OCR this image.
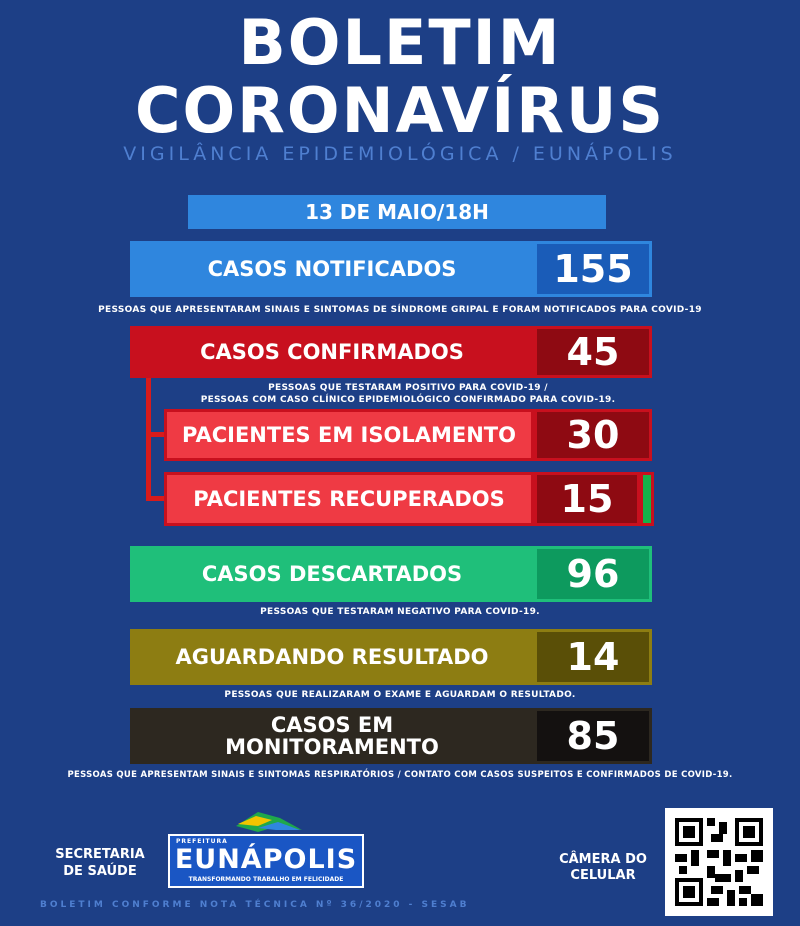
BOLETIM
CORONAVÍRUS
VIGILÂNCIA EPIDEMIOLÓGICA / EUNÁPOLIS
13 DE MAIO/18H
CASOS NOTIFICADOS	155
PESSOAS QUE APRESENTARAM SINAIS E SINTOMAS DE SÍNDROME GRIPAL E FORAM NOTIFICADOS PARA COVID-19
CASOS CONFIRMADOS	45
PESSOAS QUE TESTARAM POSITIVO PARA COVID-19 /
PESSOAS COM CASO CLÍNICO EPIDEMIOLÓGICO CONFIRMADO PARA COVID-19.
PACIENTES EM ISOLAMENTO	30
PACIENTES RECUPERADOS	15
CASOS DESCARTADOS	96
PESSOAS QUE TESTARAM NEGATIVO PARA COVID-19.
AGUARDANDO RESULTADO	14
PESSOAS QUE REALIZARAM O EXAME E AGUARDAM O RESULTADO.
CASOS EM
MONITORAMENTO	85
PESSOAS QUE APRESENTAM SINAIS E SINTOMAS RESPIRATÓRIOS / CONTATO COM CASOS SUSPEITOS E CONFIRMADOS DE COVID-19.
SECRETARIA
DE SAÚDE
PREFEITURA
EUNÁPOLIS
TRANSFORMANDO TRABALHO EM FELICIDADE
CÂMERA DO
CELULAR
BOLETIM CONFORME NOTA TÉCNICA Nº 36/2020 - SESAB
